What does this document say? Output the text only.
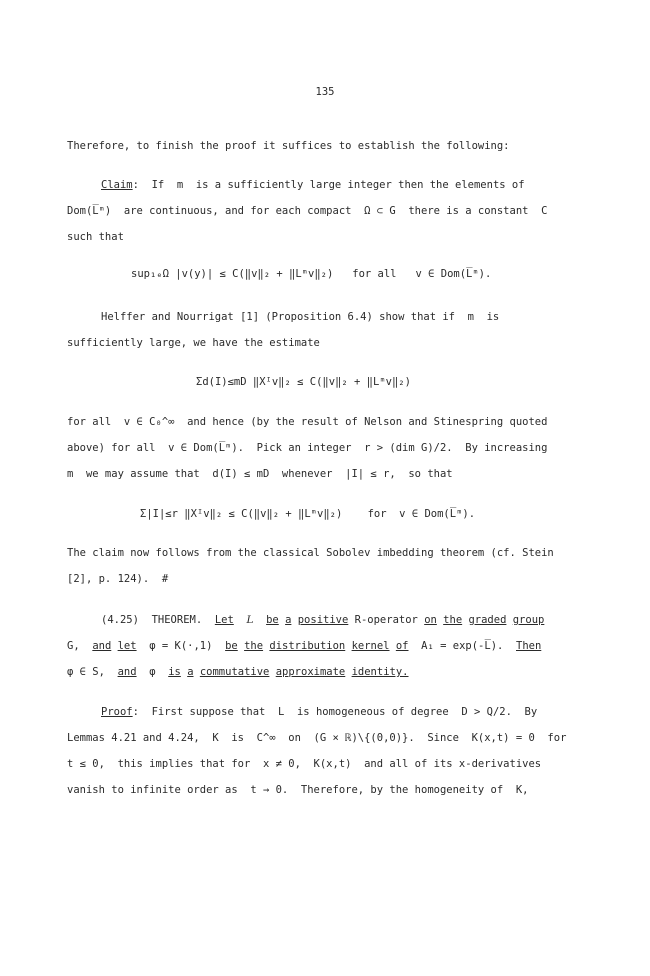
135
Therefore, to finish the proof it suffices to establish the following:
Claim:  If  m  is a sufficiently large integer then the elements of
Dom(L̅ᵐ)  are continuous, and for each compact  Ω ⊂ G  there is a constant  C
such that
sup₁ₑΩ |v(y)| ≤ C(‖v‖₂ + ‖Lᵐv‖₂)   for all   v ∈ Dom(L̅ᵐ).
Helffer and Nourrigat [1] (Proposition 6.4) show that if  m  is
sufficiently large, we have the estimate
Σd(I)≤mD ‖Xᴵv‖₂ ≤ C(‖v‖₂ + ‖Lᵐv‖₂)
for all  v ∈ C₀^∞  and hence (by the result of Nelson and Stinespring quoted
above) for all  v ∈ Dom(L̅ᵐ).  Pick an integer  r > (dim G)/2.  By increasing
m  we may assume that  d(I) ≤ mD  whenever  |I| ≤ r,  so that
Σ|I|≤r ‖Xᴵv‖₂ ≤ C(‖v‖₂ + ‖Lᵐv‖₂)    for  v ∈ Dom(L̅ᵐ).
The claim now follows from the classical Sobolev imbedding theorem (cf. Stein
[2], p. 124).  #
(4.25) THEOREM. Let L be a positive R-operator on the graded group
G, and let φ = K(·,1) be the distribution kernel of A₁ = exp(-L̅). Then
φ ∈ S, and φ is a commutative approximate identity.
Proof:  First suppose that  L  is homogeneous of degree  D > Q/2.  By
Lemmas 4.21 and 4.24,  K  is  C^∞  on  (G × ℝ)\{(0,0)}.  Since  K(x,t) = 0  for
t ≤ 0,  this implies that for  x ≠ 0,  K(x,t)  and all of its x-derivatives
vanish to infinite order as  t → 0.  Therefore, by the homogeneity of  K,
